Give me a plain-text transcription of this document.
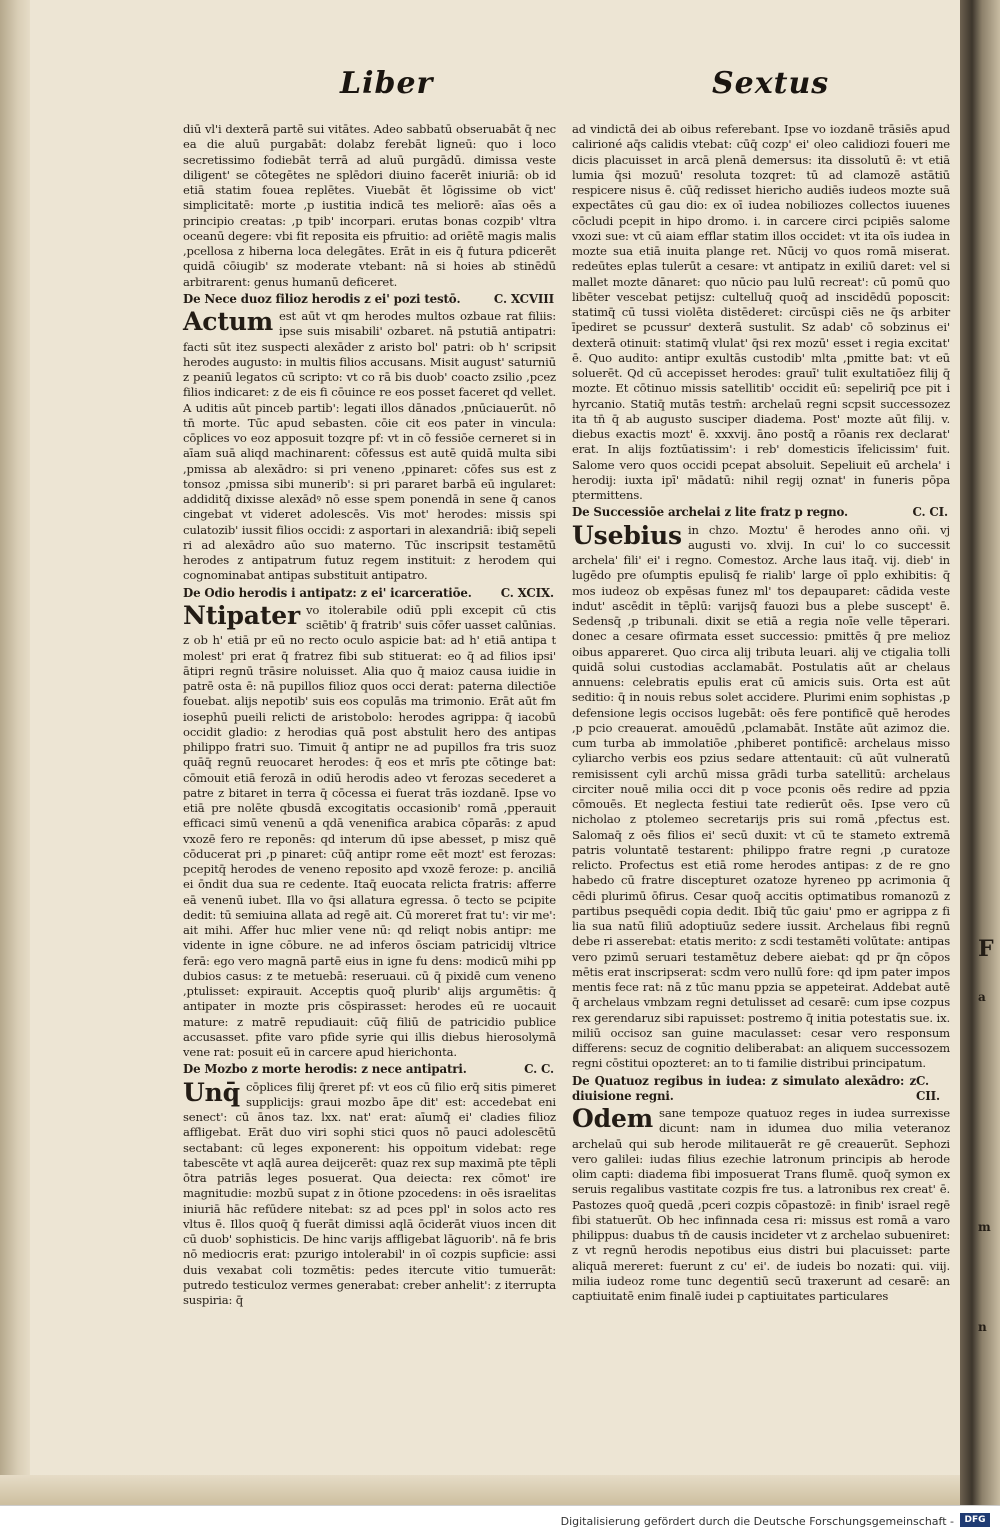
Liber	Sextus

diū vl'i dexterā partē sui vitātes. Adeo sabbatū obseruabāt q̄ nec ea die aluū purgabāt: dolabz ferebāt ligneū: quo i loco secretissimo fodiebāt terrā ad aluū purgādū. dimissa veste diligent' se cōtegētes ne splēdori diuino facerēt iniuriā: ob id etiā statim fouea replētes. Viuebāt ēt lōgissime ob vict' simplicitatē: morte ,p iustitia indicā tes meliorē: aīas oēs a principio creatas: ,p tpib' incorpari. erutas bonas cozpib' vltra oceanū degere: vbi fit reposita eis pfruitio: ad oriētē magis malis ,pcellosa z hiberna loca delegātes. Erāt in eis q̄ futura pdicerēt quidā cōiugib' sz moderate vtebant: nā si hoies ab stinēdū arbitrarent: genus humanū deficeret.

De Nece duoz filioz herodis z ei' pozi testō.	C. XCVIII
Actum est aūt vt qm herodes multos ozbaue rat filiis: ipse suis misabili' ozbaret. nā pstutiā antipatri: facti sūt itez suspecti alexāder z aristo bol' patri: ob h' scripsit herodes augusto: in multis filios accusans. Misit august' saturniū z peaniū legatos cū scripto: vt co rā bis duob' coacto zsilio ,pcez filios indicaret: z de eis fi cōuince re eos posset faceret qd vellet. A uditis aūt pinceb partib': legati illos dānados ,pnūciauerūt. nō tn̄ morte. Tūc apud sebasten. cōie cit eos pater in vincula: cōplices vo eoz apposuit tozqre pf: vt in cō fessiōe cerneret si in aīam suā aliqd machinarent: cōfessus est autē quidā multa sibi ,pmissa ab alexādro: si pri veneno ,ppinaret: cōfes sus est z tonsoz ,pmissa sibi munerib': si pri pararet barbā eū ingularet: addiditq̄ dixisse alexādꝰ nō esse spem ponendā in sene q̄ canos cingebat vt videret adolescēs. Vis mot' herodes: missis spi culatozib' iussit filios occidi: z asportari in alexandriā: ibiq̄ sepeli ri ad alexādro aūo suo materno. Tūc inscripsit testamētū herodes z antipatrum futuz regem instituit: z herodem qui cognominabat antipas substituit antipatro.

De Odio herodis i antipatz: z ei' icarceratiōe. C. XCIX.
Ntipater vo itolerabile odiū ppli excepit cū ctis sciētib' q̄ fratrib' suis cōfer uasset calūnias. z ob h' etiā pr eū no recto oculo aspicie bat: ad h' etiā antipa t molest' pri erat q̄ fratrez fibi sub stituerat: eo q̄ ad filios ipsi' ātipri regnū trāsire noluisset. Alia quo q̄ maioz causa iuidie in patrē osta ē: nā pupillos filioz quos occi derat: paterna dilectiōe fouebat. alijs nepotib' suis eos copulās ma trimonio. Erāt aūt fm iosephū pueili relicti de aristobolo: herodes agrippa: q̄ iacobū occidit gladio: z herodias quā post abstulit hero des antipas philippo fratri suo. Timuit q̄ antipr ne ad pupillos fra tris suoz quāq̄ regnū reuocaret herodes: q̄ eos et mrīs pte cōtinge bat: cōmouit etiā ferozā in odiū herodis adeo vt ferozas secederet a patre z bitaret in terra q̄ cōcessa ei fuerat trās iozdanē. Ipse vo etiā pre nolēte qbusdā excogitatis occasionib' romā ,pperauit efficaci simū venenū a qdā venenifica arabica cōparās: z apud vxozē fero re reponēs: qd interum dū ipse abesset, p misz quē cōducerat pri ,p pinaret: cūq̄ antipr rome eēt mozt' est ferozas: pcepitq̄ herodes de veneno reposito apd vxozē feroze: p. anciliā ei ōndit dua sua re cedente. Itaq̄ euocata relicta fratris: afferre eā venenū iubet. Illa vo q̄si allatura egressa. ō tecto se pcipite dedit: tū semiuina allata ad regē ait. Cū moreret frat tu': vir me': ait mihi. Affer huc mlier vene nū: qd reliqt nobis antipr: me vidente in igne cōbure. ne ad inferos ōsciam patricidij vltrice ferā: ego vero magnā partē eius in igne fu dens: modicū mihi pp dubios casus: z te metuebā: reseruaui. cū q̄ pixidē cum veneno ,ptulisset: expirauit. Acceptis quoq̄ plurib' alijs argumētis: q̄ antipater in mozte pris cōspirasset: herodes eū re uocauit mature: z matrē repudiauit: cūq̄ filiū de patricidio publice accusasset. pfite varo pfide syrie qui illis diebus hierosolymā vene rat: posuit eū in carcere apud hierichonta.

De Mozbo z morte herodis: z nece antipatri.	C. C.
Unq̄ cōplices filij q̄reret pf: vt eos cū filio erq̄ sitis pimeret supplicijs: graui mozbo āpe dit' est: accedebat eni senect': cū ānos taz. lxx. nat' erat: aīumq̄ ei' cladies filioz affligebat. Erāt duo viri sophi stici quos nō pauci adolescētū sectabant: cū leges exponerent: his oppoitum videbat: rege tabescēte vt aqlā aurea deijcerēt: quaz rex sup maximā pte tēpli ōtra patriās leges posuerat. Qua deiecta: rex cōmot' ire magnitudie: mozbū supat z in ōtione pzocedens: in oēs israelitas iniuriā hāc refūdere nitebat: sz ad pces ppl' in solos acto res vltus ē. Illos quoq̄ q̄ fuerāt dimissi aqlā ōciderāt viuos incen dit cū duob' sophisticis. De hinc varijs affligebat lāguorib'. nā fe bris nō mediocris erat: pzurigo intolerabil' in oī cozpis supficie: assi duis vexabat coli tozmētis: pedes itercute vitio tumuerāt: putredo testiculoz vermes generabat: creber anhelit': z iterrupta suspiria: q̄

ad vindictā dei ab oibus referebant. Ipse vo iozdanē trāsiēs apud calirioné aq̄s calidis vtebat: cūq̄ cozp' ei' oleo calidiozi foueri me dicis placuisset in arcā plenā demersus: ita dissolutū ē: vt etiā lumia q̄si mozuū' resoluta tozqret: tū ad clamozē astātiū respicere nisus ē. cūq̄ redisset hiericho audiēs iudeos mozte suā expectātes cū gau dio: ex oī iudea nobiliozes collectos iuuenes cōcludi pcepit in hipo dromo. i. in carcere circi pcipiēs salome vxozi sue: vt cū aiam efflar statim illos occidet: vt ita oīs iudea in mozte sua etiā inuita plange ret. Nūcij vo quos romā miserat. redeūtes eplas tulerūt a cesare: vt antipatz in exiliū daret: vel si mallet mozte dānaret: quo nūcio pau lulū recreat': cū pomū quo libēter vescebat petijsz: cultelluq̄ quoq̄ ad inscidēdū poposcit: statimq̄ cū tussi violēta distēderet: circūspi ciēs ne q̄s arbiter īpediret se pcussur' dexterā sustulit. Sz adab' cō sobzinus ei' dexterā otinuit: statimq̄ vlulat' q̄si rex mozū' esset i regia excitat' ē. Quo audito: antipr exultās custodib' mlta ,pmitte bat: vt eū soluerēt. Qd cū accepisset herodes: grauī' tulit exultatiōez filij q̄ mozte. Et cōtinuo missis satellitib' occidit eū: sepeliriq̄ pce pit i hyrcanio. Statiq̄ mutās testm̄: archelaū regni scpsit successozez ita tn̄ q̄ ab augusto susciper diadema. Post' mozte aūt filij. v. diebus exactis mozt' ē. xxxvij. āno postq̄ a rōanis rex declarat' erat. In alijs foztūatissim': i reb' domesticis īfelicissim' fuit. Salome vero quos occidi pcepat absoluit. Sepeliuit eū archela' i herodij: iuxta ipī' mādatū: nihil regij oznat' in funeris pōpa ptermittens.

De Successiōe archelai z lite fratz p regno.	C. CI.
Usebius in chzo. Moztu' ē herodes anno oñi. vj augusti vo. xlvij. In cui' lo co successit archela' fili' ei' i regno. Comestoz. Arche laus itaq̄. vij. dieb' in lugēdo pre oſumptis epulisq̄ fe rialib' large oī pplo exhibitis: q̄ mos iudeoz ob expēsas funez ml' tos depauparet: cādida veste indut' ascēdit in tēplū: varijsq̄ fauozi bus a plebe suscept' ē. Sedensq̄ ,p tribunali. dixit se etiā a regia noīe velle tēperari. donec a cesare ofirmata esset successio: pmittēs q̄ pre melioz oibus appareret. Quo circa alij tributa leuari. alij ve ctigalia tolli quidā solui custodias acclamabāt. Postulatis aūt ar chelaus annuens: celebratis epulis erat cū amicis suis. Orta est aūt seditio: q̄ in nouis rebus solet accidere. Plurimi enim sophistas ,p defensione legis occisos lugebāt: oēs fere pontificē quē herodes ,p pcio creauerat. amouēdū ,pclamabāt. Instāte aūt azimoz die. cum turba ab immolatiōe ,phiberet pontificē: archelaus misso cyliarcho verbis eos pzius sedare attentauit: cū aūt vulneratū remisissent cyli archū missa grādi turba satellitū: archelaus circiter nouē milia occi dit p voce pconis oēs redire ad ppzia cōmouēs. Et neglecta festiui tate redierūt oēs. Ipse vero cū nicholao z ptolemeo secretarijs pris sui romā ,pfectus est. Salomaq̄ z oēs filios ei' secū duxit: vt cū te stameto extremā patris voluntatē testarent: philippo fratre regni ,p curatoze relicto. Profectus est etiā rome herodes antipas: z de re gno habedo cū fratre discepturet ozatoze hyreneo pp acrimonia q̄ cēdi plurimū ōfirus. Cesar quoq̄ accitis optimatibus romanozū z partibus psequēdi copia dedit. Ibiq̄ tūc gaiu' pmo er agrippa z fi lia sua natū filiū adoptiuūz sedere iussit. Archelaus fibi regnū debe ri asserebat: etatis merito: z scdi testamēti volūtate: antipas vero pzimū seruari testamētuz debere aiebat: qd pr q̄n cōpos mētis erat inscripserat: scdm vero nullū fore: qd ipm pater impos mentis fece rat: nā z tūc manu ppzia se appeteirat. Addebat autē q̄ archelaus vmbzam regni detulisset ad cesarē: cum ipse cozpus rex gerendaruz sibi rapuisset: postremo q̄ initia potestatis sue. ix. miliū occisoz san guine maculasset: cesar vero responsum differens: secuz de cognitio deliberabat: an aliquem successozem regni cōstitui opozteret: an to ti familie distribui principatum.

De Quatuoz regibus in iudea: z simulato alexādro: z diuisione regni.
C. CII.
Odem sane tempoze quatuoz reges in iudea surrexisse dicunt: nam in idumea duo milia veteranoz archelaū qui sub herode militauerāt re gē creauerūt. Sephozi vero galilei: iudas filius ezechie latronum principis ab herode olim capti: diadema fibi imposuerat Trans flumē. quoq̄ symon ex seruis regalibus vastitate cozpis fre tus. a latronibus rex creat' ē. Pastozes quoq̄ quedā ,pceri cozpis cōpastozē: in finib' israel regē fibi statuerūt. Ob hec infinnada cesa ri: missus est romā a varo philippus: duabus tn̄ de causis incideter vt z archelao subueniret: z vt regnū herodis nepotibus eius distri bui placuisset: parte aliquā mereret: fuerunt z cu' ei'. de iudeis bo nozati: qui. viij. milia iudeoz rome tunc degentiū secū traxerunt ad cesarē: an captiuitatē enim finalē iudei p captiuitates particulares

F
a
m
n
Digitalisierung gefördert durch die Deutsche Forschungsgemeinschaft -	DFG
